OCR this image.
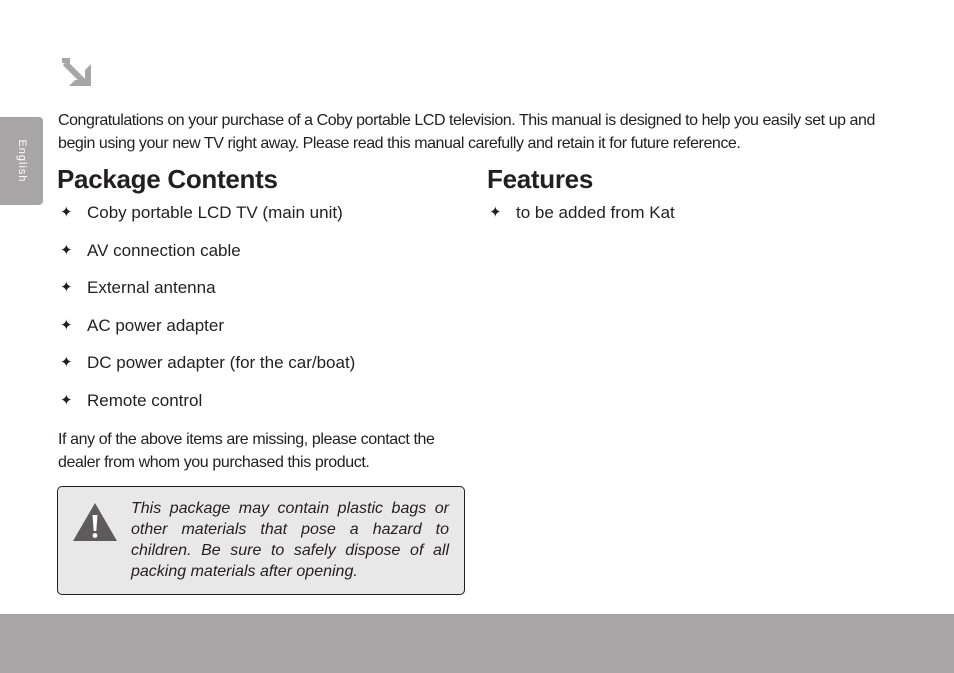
English

Congratulations on your purchase of a Coby portable LCD television. This manual is designed to help you easily set up and begin using your new TV right away. Please read this manual carefully and retain it for future reference.

Package Contents	Features
✦ Coby portable LCD TV (main unit)
✦ AV connection cable
✦ External antenna
✦ AC power adapter
✦ DC power adapter (for the car/boat)
✦ Remote control
✦ to be added from Kat

If any of the above items are missing, please contact the dealer from whom you purchased this product.

This package may contain plastic bags or other materials that pose a hazard to children. Be sure to safely dispose of all packing materials after opening.
